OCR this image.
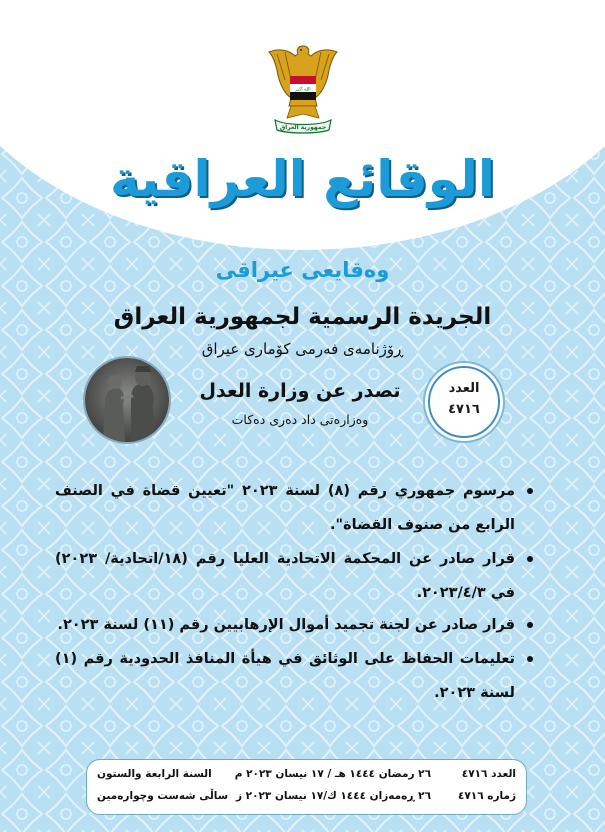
الله أكبر
جمهورية العراق
الوقائع العراقية
وەقايعی عيراقی
الجريدة الرسمية لجمهورية العراق
ڕۆژنامەی فەرمی کۆماری عیراق
تصدر عن وزارة العدل
وەزارەتی داد دەری دەكات
العدد
٤٧١٦

مرسوم جمهوري رقم (٨) لسنة ٢٠٢٣ "تعيين قضاة في الصنف الرابع من صنوف القضاة".

قرار صادر عن المحكمة الاتحادية العليا رقم (١٨/اتحادية/ ٢٠٢٣) في ٢٠٢٣/٤/٣.

قرار صادر عن لجنة تجميد أموال الإرهابيين رقم (١١) لسنة ٢٠٢٣.

تعليمات الحفاظ على الوثائق في هيأة المنافذ الحدودية رقم (١) لسنة ٢٠٢٣.

العدد ٤٧١٦
٢٦ رمضان ١٤٤٤ هـ / ١٧ نيسان ٢٠٢٣ م
السنة الرابعة والستون
ژمارە ٤٧١٦
٢٦ ڕەمەزان ١٤٤٤ ك/١٧ نیسان ٢٠٢٣ ز
ساڵی شەست وچوارەمین
